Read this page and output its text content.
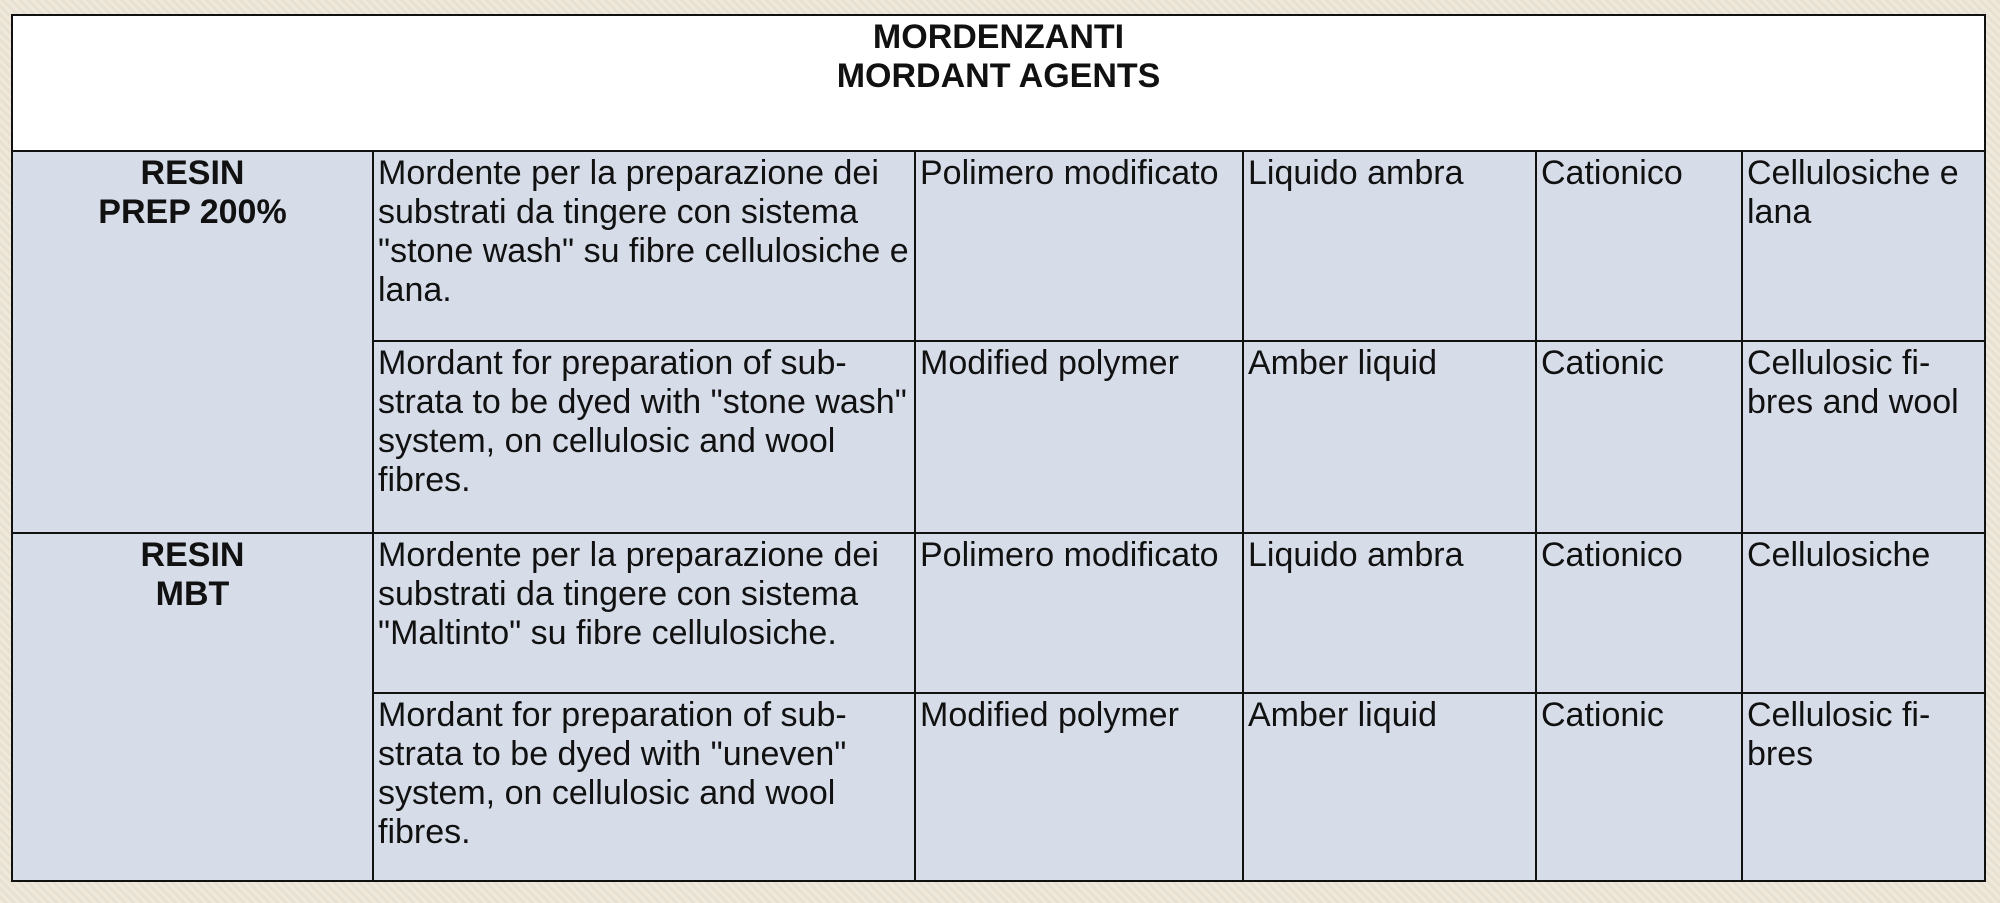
MORDENZANTI
MORDANT AGENTS					

RESIN
PREP 200%	Mordente per la preparazione dei substrati da tingere con sistema "stone wash" su fibre cellulosiche e lana.	Polimero modificato	Liquido ambra	Cationico	Cellulosiche e lana
	Mordant for preparation of sub-strata to be dyed with "stone wash" system, on cellulosic and wool fibres.	Modified polymer	Amber liquid	Cationic	Cellulosic fi-bres and wool

RESIN
MBT	Mordente per la preparazione dei substrati da tingere con sistema "Maltinto" su fibre cellulosiche.	Polimero modificato	Liquido ambra	Cationico	Cellulosiche
	Mordant for preparation of sub-strata to be dyed with "uneven" system, on cellulosic and wool fibres.	Modified polymer	Amber liquid	Cationic	Cellulosic fi-bres
